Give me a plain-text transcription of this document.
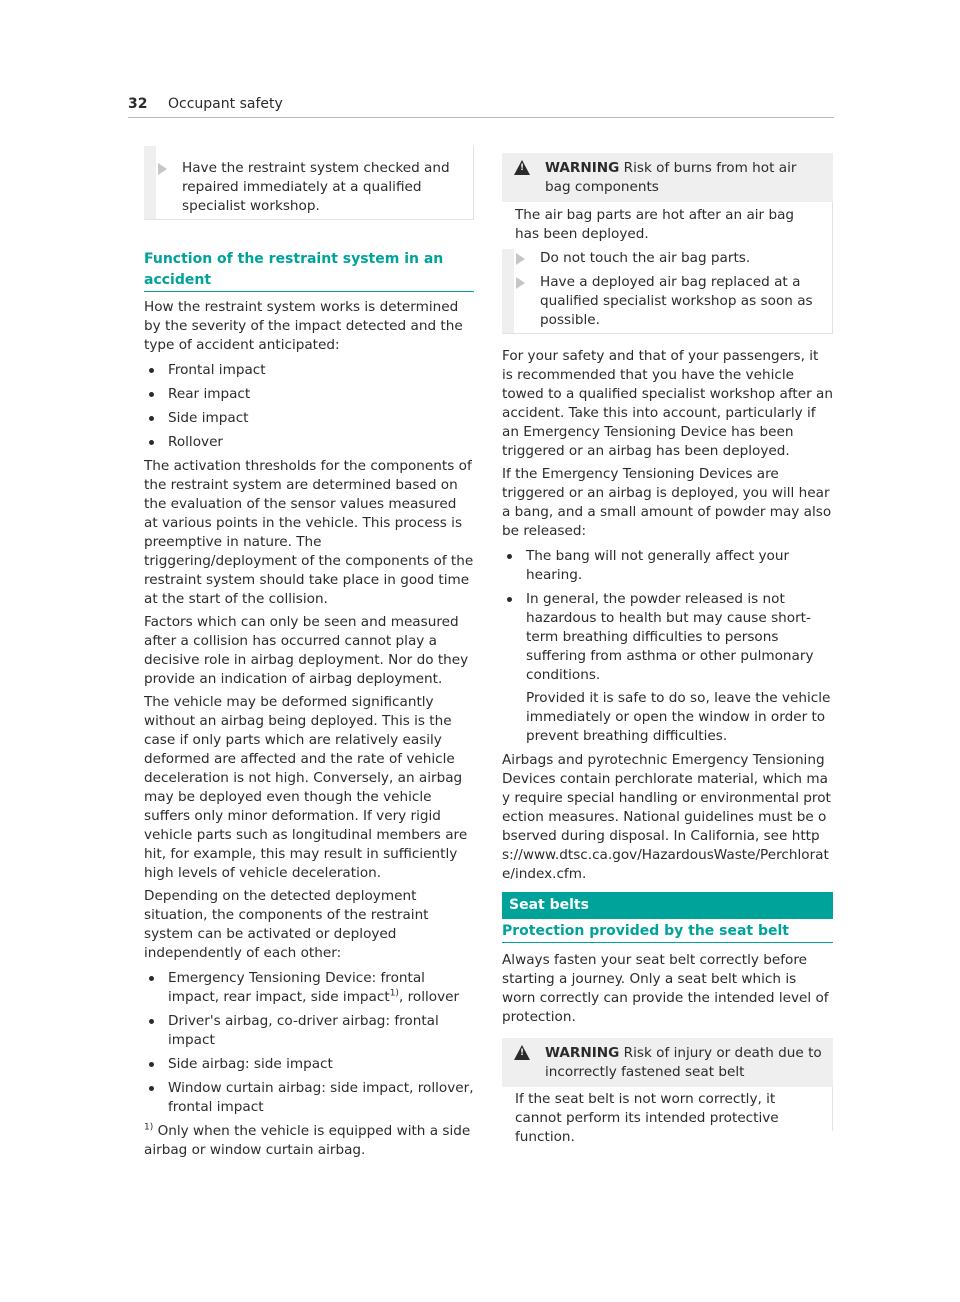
32 Occupant safety
Have the restraint system checked and repaired immediately at a qualified specialist workshop.
Function of the restraint system in an accident

How the restraint system works is determined by the severity of the impact detected and the type of accident anticipated:

Frontal impact
Rear impact
Side impact
Rollover

The activation thresholds for the components of the restraint system are determined based on the evaluation of the sensor values measured at various points in the vehicle. This process is preemptive in nature. The triggering/deployment of the components of the restraint system should take place in good time at the start of the collision.

Factors which can only be seen and measured after a collision has occurred cannot play a decisive role in airbag deployment. Nor do they provide an indication of airbag deployment.

The vehicle may be deformed significantly without an airbag being deployed. This is the case if only parts which are relatively easily deformed are affected and the rate of vehicle deceleration is not high. Conversely, an airbag may be deployed even though the vehicle suffers only minor deformation. If very rigid vehicle parts such as longitudinal members are hit, for example, this may result in sufficiently high levels of vehicle deceleration.

Depending on the detected deployment situation, the components of the restraint system can be activated or deployed independently of each other:

Emergency Tensioning Device: frontal impact, rear impact, side impact$^{1)}$, rollover
Driver's airbag, co-driver airbag: frontal impact
Side airbag: side impact
Window curtain airbag: side impact, rollover, frontal impact

$^{1)}$ Only when the vehicle is equipped with a side airbag or window curtain airbag.

!
WARNING Risk of burns from hot air bag components

The air bag parts are hot after an air bag has been deployed.

Do not touch the air bag parts.
Have a deployed air bag replaced at a qualified specialist workshop as soon as possible.

For your safety and that of your passengers, it is recommended that you have the vehicle towed to a qualified specialist workshop after an accident. Take this into account, particularly if an Emergency Tensioning Device has been triggered or an airbag has been deployed.

If the Emergency Tensioning Devices are triggered or an airbag is deployed, you will hear a bang, and a small amount of powder may also be released:

The bang will not generally affect your hearing.
In general, the powder released is not hazardous to health but may cause short-term breathing difficulties to persons suffering from asthma or other pulmonary conditions.

Provided it is safe to do so, leave the vehicle immediately or open the window in order to prevent breathing difficulties.

Airbags and pyrotechnic Emergency Tensioning Devices contain perchlorate material, which may require special handling or environmental protection measures. National guidelines must be observed during disposal. In California, see https://www.dtsc.ca.gov/HazardousWaste/Perchlorate/index.cfm.

Seat belts
Protection provided by the seat belt

Always fasten your seat belt correctly before starting a journey. Only a seat belt which is worn correctly can provide the intended level of protection.

!
WARNING Risk of injury or death due to incorrectly fastened seat belt

If the seat belt is not worn correctly, it cannot perform its intended protective function.
